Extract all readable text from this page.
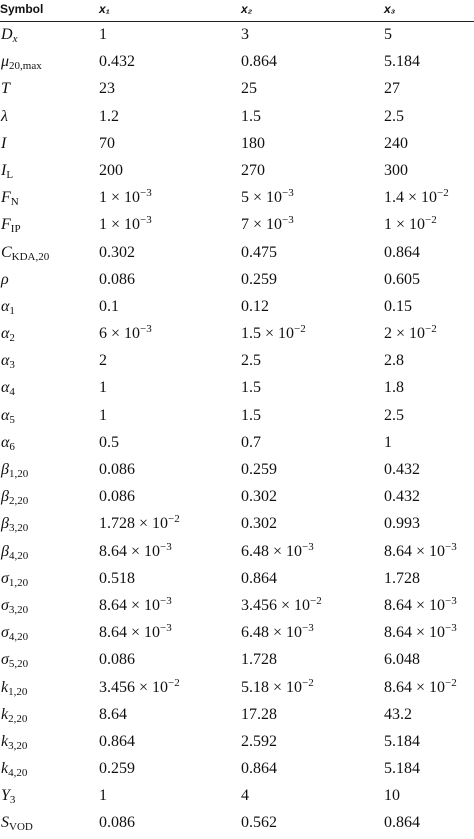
Symbol	x₁	x₂	x₃
$D_x$	1	3	5
$\mu_{20,max}$	0.432	0.864	5.184
T	23	25	27
λ	1.2	1.5	2.5
I	70	180	240
$I_L$	200	270	300
$F_N$	$1 \times 10^{-3}$	$5 \times 10^{-3}$	$1.4 \times 10^{-2}$
$F_{IP}$	$1 \times 10^{-3}$	$7 \times 10^{-3}$	$1 \times 10^{-2}$
$C_{KDA,20}$	0.302	0.475	0.864
ρ	0.086	0.259	0.605
$\alpha_1$	0.1	0.12	0.15
$\alpha_2$	$6 \times 10^{-3}$	$1.5 \times 10^{-2}$	$2 \times 10^{-2}$
$\alpha_3$	2	2.5	2.8
$\alpha_4$	1	1.5	1.8
$\alpha_5$	1	1.5	2.5
$\alpha_6$	0.5	0.7	1
$\beta_{1,20}$	0.086	0.259	0.432
$\beta_{2,20}$	0.086	0.302	0.432
$\beta_{3,20}$	$1.728 \times 10^{-2}$	0.302	0.993
$\beta_{4,20}$	$8.64 \times 10^{-3}$	$6.48 \times 10^{-3}$	$8.64 \times 10^{-3}$
$\sigma_{1,20}$	0.518	0.864	1.728
$\sigma_{3,20}$	$8.64 \times 10^{-3}$	$3.456 \times 10^{-2}$	$8.64 \times 10^{-3}$
$\sigma_{4,20}$	$8.64 \times 10^{-3}$	$6.48 \times 10^{-3}$	$8.64 \times 10^{-3}$
$\sigma_{5,20}$	0.086	1.728	6.048
$k_{1,20}$	$3.456 \times 10^{-2}$	$5.18 \times 10^{-2}$	$8.64 \times 10^{-2}$
$k_{2,20}$	8.64	17.28	43.2
$k_{3,20}$	0.864	2.592	5.184
$k_{4,20}$	0.259	0.864	5.184
$Y_3$	1	4	10
$S_{VOD}$	0.086	0.562	0.864
